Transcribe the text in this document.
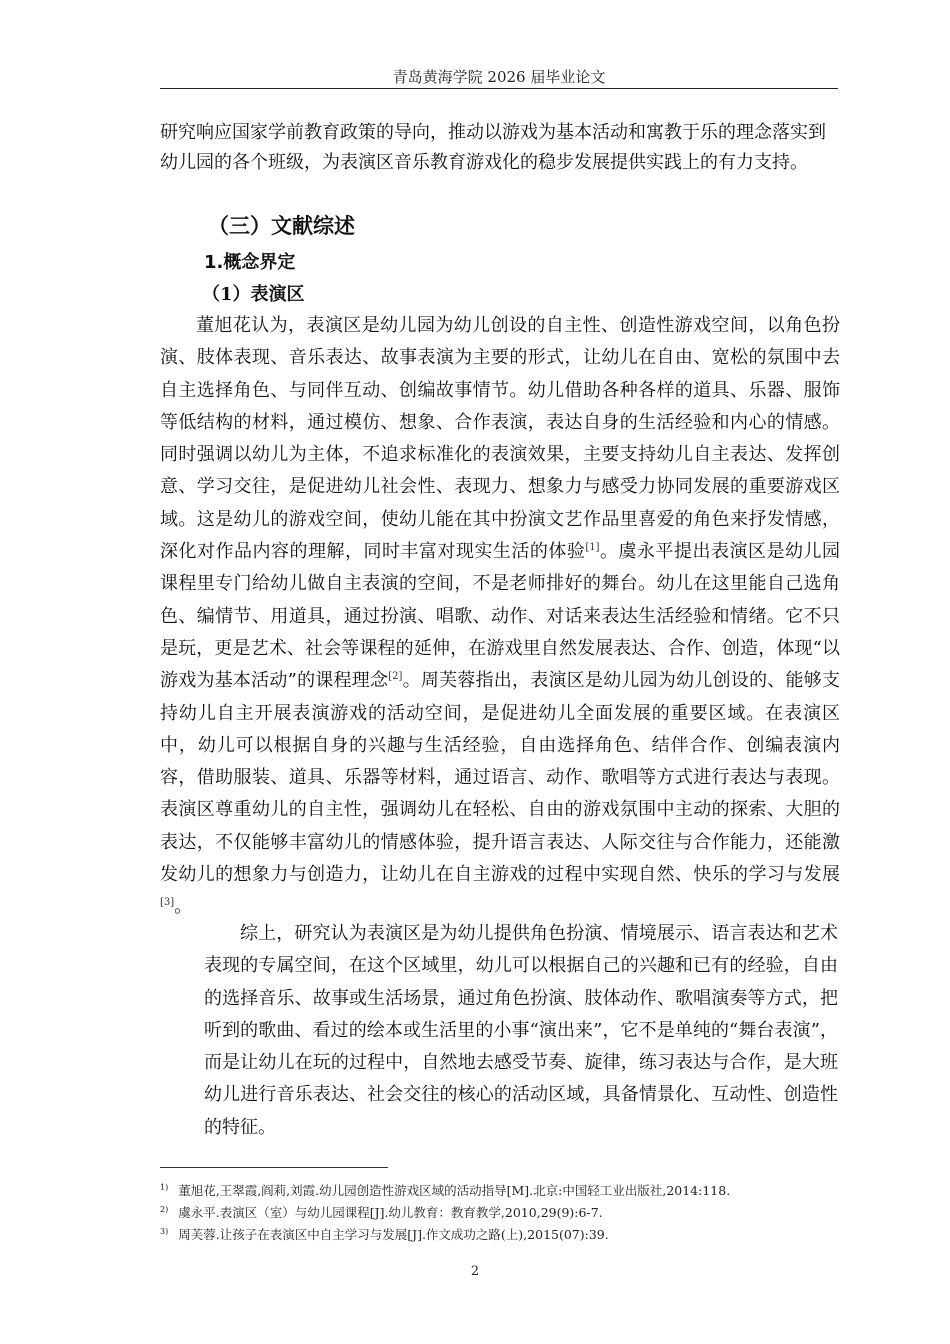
青岛黄海学院 2026 届毕业论文

研究响应国家学前教育政策的导向，推动以游戏为基本活动和寓教于乐的理念落实到幼儿园的各个班级，为表演区音乐教育游戏化的稳步发展提供实践上的有力支持。

（三）文献综述
1.概念界定
（1）表演区

董旭花认为，表演区是幼儿园为幼儿创设的自主性、创造性游戏空间，以角色扮演、肢体表现、音乐表达、故事表演为主要的形式，让幼儿在自由、宽松的氛围中去自主选择角色、与同伴互动、创编故事情节。幼儿借助各种各样的道具、乐器、服饰等低结构的材料，通过模仿、想象、合作表演，表达自身的生活经验和内心的情感。同时强调以幼儿为主体，不追求标准化的表演效果，主要支持幼儿自主表达、发挥创意、学习交往，是促进幼儿社会性、表现力、想象力与感受力协同发展的重要游戏区域。这是幼儿的游戏空间，使幼儿能在其中扮演文艺作品里喜爱的角色来抒发情感，深化对作品内容的理解，同时丰富对现实生活的体验[1]。虞永平提出表演区是幼儿园课程里专门给幼儿做自主表演的空间，不是老师排好的舞台。幼儿在这里能自己选角色、编情节、用道具，通过扮演、唱歌、动作、对话来表达生活经验和情绪。它不只是玩，更是艺术、社会等课程的延伸，在游戏里自然发展表达、合作、创造，体现“以游戏为基本活动”的课程理念[2]。周芙蓉指出，表演区是幼儿园为幼儿创设的、能够支持幼儿自主开展表演游戏的活动空间，是促进幼儿全面发展的重要区域。在表演区中，幼儿可以根据自身的兴趣与生活经验，自由选择角色、结伴合作、创编表演内容，借助服装、道具、乐器等材料，通过语言、动作、歌唱等方式进行表达与表现。表演区尊重幼儿的自主性，强调幼儿在轻松、自由的游戏氛围中主动的探索、大胆的表达，不仅能够丰富幼儿的情感体验，提升语言表达、人际交往与合作能力，还能激发幼儿的想象力与创造力，让幼儿在自主游戏的过程中实现自然、快乐的学习与发展[3]。

综上，研究认为表演区是为幼儿提供角色扮演、情境展示、语言表达和艺术表现的专属空间，在这个区域里，幼儿可以根据自己的兴趣和已有的经验，自由的选择音乐、故事或生活场景，通过角色扮演、肢体动作、歌唱演奏等方式，把听到的歌曲、看过的绘本或生活里的小事“演出来”，它不是单纯的“舞台表演”，而是让幼儿在玩的过程中，自然地去感受节奏、旋律，练习表达与合作，是大班幼儿进行音乐表达、社会交往的核心的活动区域，具备情景化、互动性、创造性的特征。

$^{1)}$ 董旭花,王翠霞,阎莉,刘霞.幼儿园创造性游戏区域的活动指导[M].北京:中国轻工业出版社,2014:118.
$^{2)}$ 虞永平.表演区（室）与幼儿园课程[J].幼儿教育：教育教学,2010,29(9):6-7.
$^{3)}$ 周芙蓉.让孩子在表演区中自主学习与发展[J].作文成功之路(上),2015(07):39.
2
